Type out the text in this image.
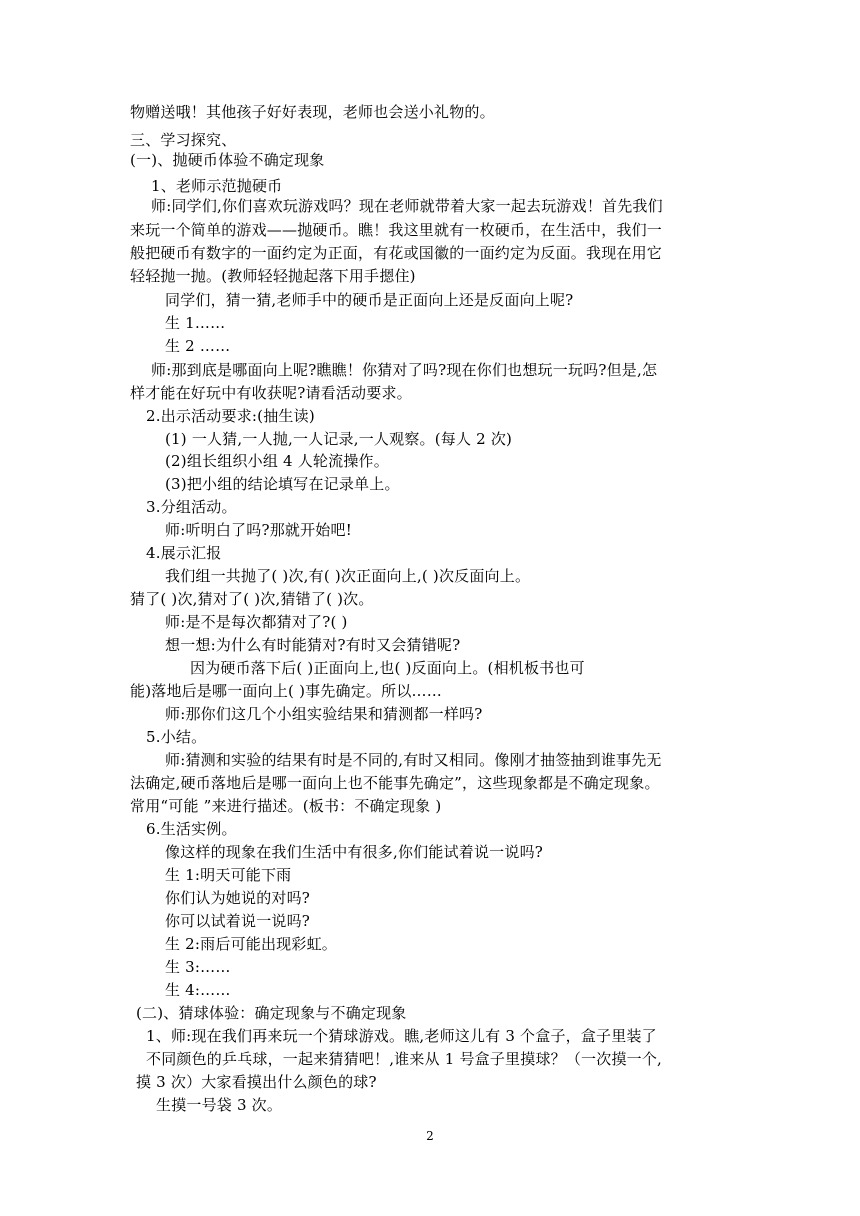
物赠送哦！其他孩子好好表现，老师也会送小礼物的。
三、学习探究、
(一)、抛硬币体验不确定现象
1、老师示范抛硬币
师:同学们,你们喜欢玩游戏吗？现在老师就带着大家一起去玩游戏！首先我们
来玩一个简单的游戏——抛硬币。瞧！我这里就有一枚硬币，在生活中，我们一
般把硬币有数字的一面约定为正面，有花或国徽的一面约定为反面。我现在用它
轻轻抛一抛。(教师轻轻抛起落下用手摁住)
同学们，猜一猜,老师手中的硬币是正面向上还是反面向上呢?
生 1……
生 2 ……
师:那到底是哪面向上呢?瞧瞧！你猜对了吗?现在你们也想玩一玩吗?但是,怎
样才能在好玩中有收获呢?请看活动要求。
2.出示活动要求:(抽生读)
(1) 一人猜,一人抛,一人记录,一人观察。(每人 2 次)
(2)组长组织小组 4 人轮流操作。
(3)把小组的结论填写在记录单上。
3.分组活动。
师:听明白了吗?那就开始吧!
4.展示汇报
我们组一共抛了( )次,有( )次正面向上,( )次反面向上。
猜了( )次,猜对了( )次,猜错了( )次。
师:是不是每次都猜对了?( )
想一想:为什么有时能猜对?有时又会猜错呢?
因为硬币落下后( )正面向上,也( )反面向上。(相机板书也可
能)落地后是哪一面向上( )事先确定。所以……
师:那你们这几个小组实验结果和猜测都一样吗?
5.小结。
师:猜测和实验的结果有时是不同的,有时又相同。像刚才抽签抽到谁事先无
法确定,硬币落地后是哪一面向上也不能事先确定”，这些现象都是不确定现象。
常用“可能 ”来进行描述。(板书：不确定现象 )
6.生活实例。
像这样的现象在我们生活中有很多,你们能试着说一说吗?
生 1:明天可能下雨
你们认为她说的对吗?
你可以试着说一说吗?
生 2:雨后可能出现彩虹。
生 3:……
生 4:……
(二)、猜球体验：确定现象与不确定现象
1、师:现在我们再来玩一个猜球游戏。瞧,老师这儿有 3 个盒子，盒子里装了
不同颜色的乒乓球，一起来猜猜吧！,谁来从 1 号盒子里摸球？（一次摸一个,
摸 3 次）大家看摸出什么颜色的球?
生摸一号袋 3 次。
2
